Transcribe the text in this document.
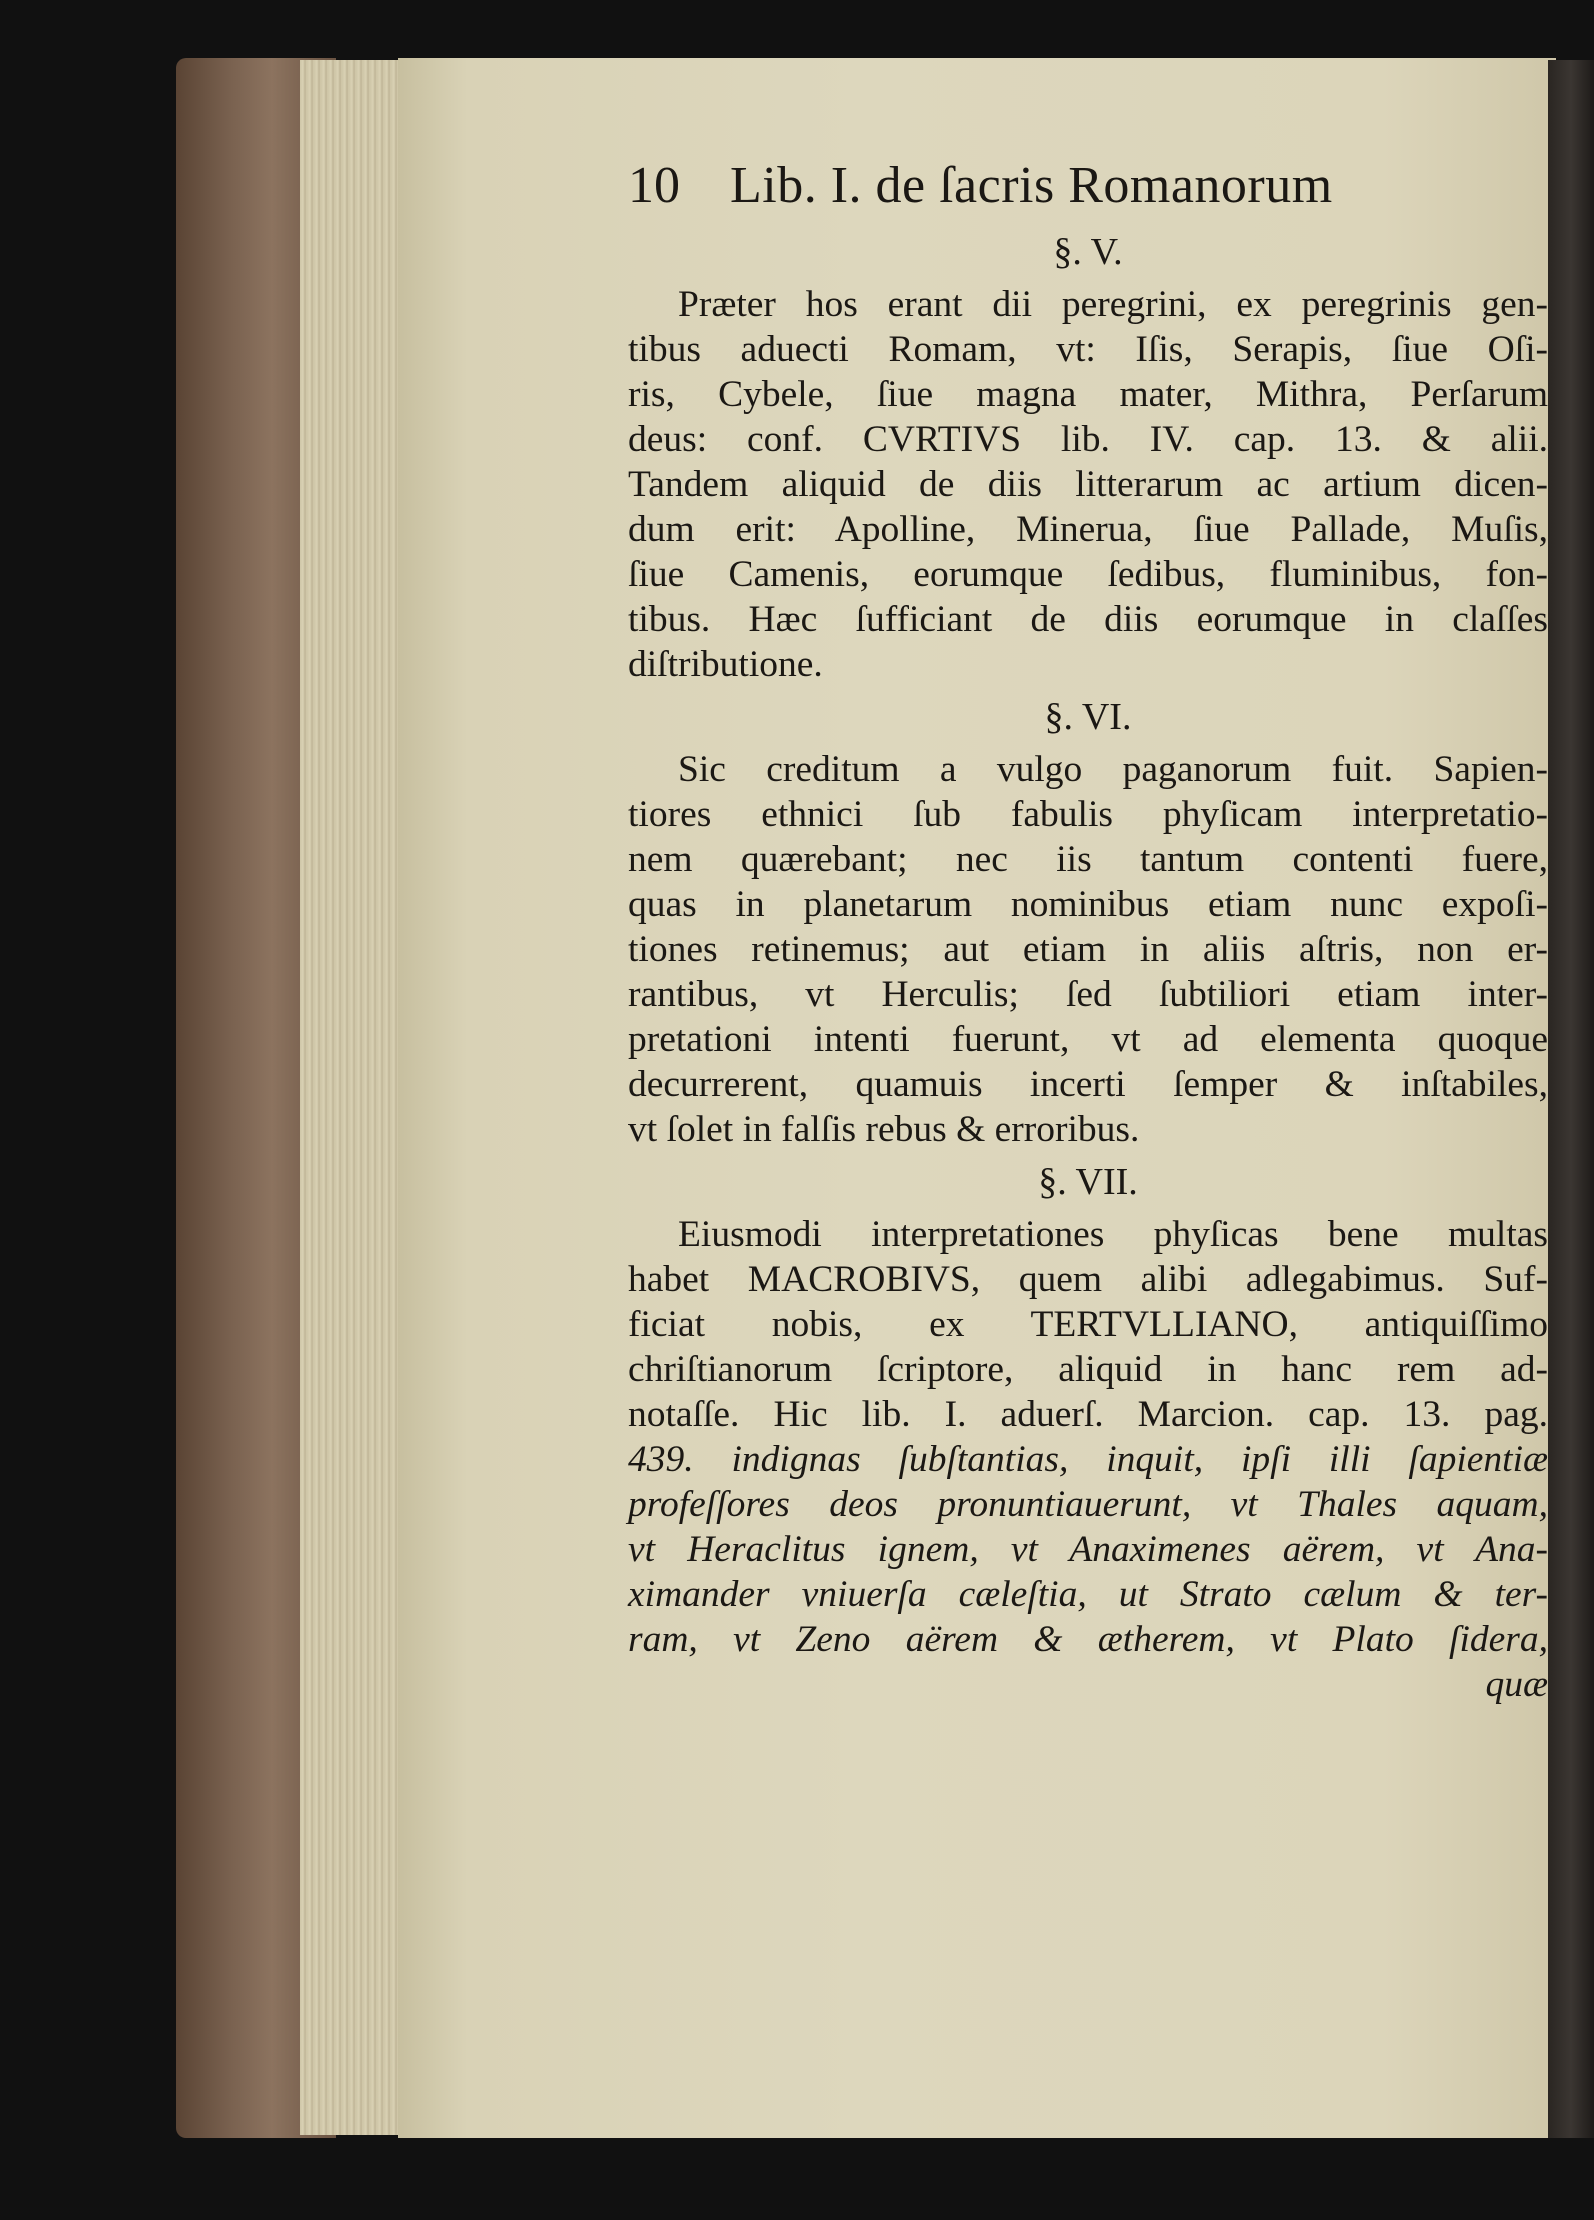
10 Lib. I. de ſacris Romanorum
§. V.
Præter hos erant dii peregrini, ex peregrinis gen-
tibus aduecti Romam, vt: Iſis, Serapis, ſiue Oſi-
ris, Cybele, ſiue magna mater, Mithra, Perſarum
deus: conf. CVRTIVS lib. IV. cap. 13. & alii.
Tandem aliquid de diis litterarum ac artium dicen-
dum erit: Apolline, Minerua, ſiue Pallade, Muſis,
ſiue Camenis, eorumque ſedibus, fluminibus, fon-
tibus. Hæc ſufficiant de diis eorumque in claſſes
diſtributione.
§. VI.
Sic creditum a vulgo paganorum fuit. Sapien-
tiores ethnici ſub fabulis phyſicam interpretatio-
nem quærebant; nec iis tantum contenti fuere,
quas in planetarum nominibus etiam nunc expoſi-
tiones retinemus; aut etiam in aliis aſtris, non er-
rantibus, vt Herculis; ſed ſubtiliori etiam inter-
pretationi intenti fuerunt, vt ad elementa quoque
decurrerent, quamuis incerti ſemper & inſtabiles,
vt ſolet in falſis rebus & erroribus.
§. VII.
Eiusmodi interpretationes phyſicas bene multas
habet MACROBIVS, quem alibi adlegabimus. Suf-
ficiat nobis, ex TERTVLLIANO, antiquiſſimo
chriſtianorum ſcriptore, aliquid in hanc rem ad-
notaſſe. Hic lib. I. aduerſ. Marcion. cap. 13. pag.
439. indignas ſubſtantias, inquit, ipſi illi ſapientiæ
profeſſores deos pronuntiauerunt, vt Thales aquam,
vt Heraclitus ignem, vt Anaximenes aërem, vt Ana-
ximander vniuerſa cæleſtia, ut Strato cælum & ter-
ram, vt Zeno aërem & ætherem, vt Plato ſidera,
quæ
